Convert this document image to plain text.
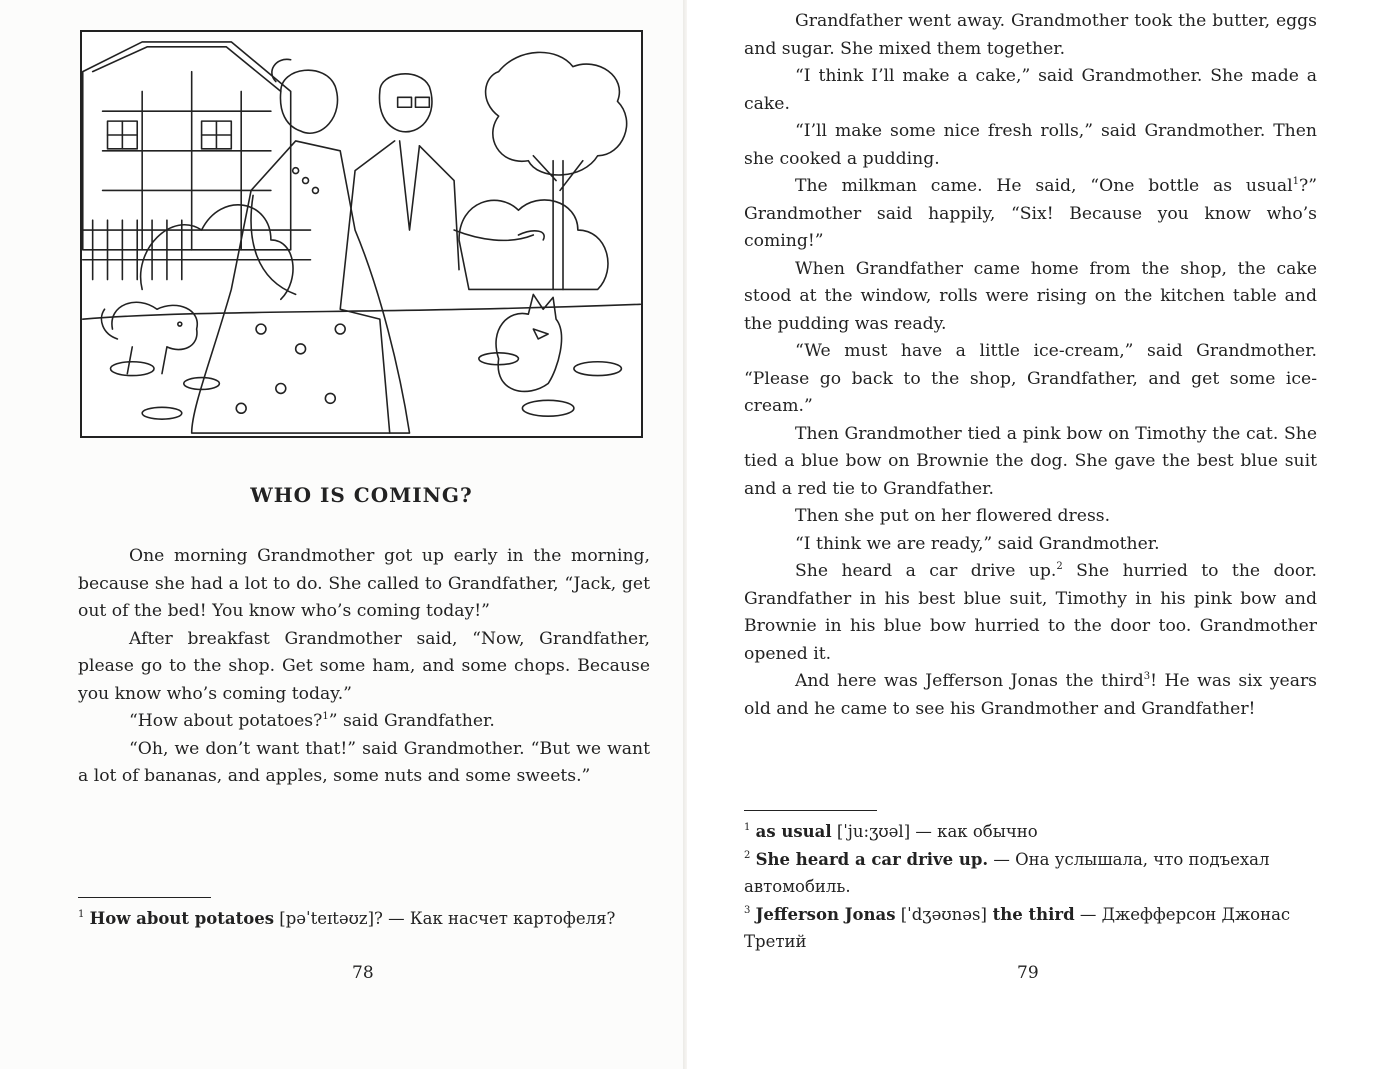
WHO IS COMING?

One morning Grandmother got up early in the morning, because she had a lot to do. She called to Grandfather, “Jack, get out of the bed! You know who’s coming today!”

After breakfast Grandmother said, “Now, Grandfather, please go to the shop. Get some ham, and some chops. Because you know who’s coming today.”

“How about potatoes?$^1$” said Grandfather.

“Oh, we don’t want that!” said Grandmother. “But we want a lot of bananas, and apples, some nuts and some sweets.”

$^1$ How about potatoes [pəˈteɪtəʊz]? — Как насчет картофеля?

78

Grandfather went away. Grandmother took the butter, eggs and sugar. She mixed them together.

“I think I’ll make a cake,” said Grandmother. She made a cake.

“I’ll make some nice fresh rolls,” said Grandmother. Then she cooked a pudding.

The milkman came. He said, “One bottle as usual$^1$?” Grandmother said happily, “Six! Because you know who’s coming!”

When Grandfather came home from the shop, the cake stood at the window, rolls were rising on the kitchen table and the pudding was ready.

“We must have a little ice-cream,” said Grandmother. “Please go back to the shop, Grandfather, and get some ice-cream.”

Then Grandmother tied a pink bow on Timothy the cat. She tied a blue bow on Brownie the dog. She gave the best blue suit and a red tie to Grandfather.

Then she put on her flowered dress.

“I think we are ready,” said Grandmother.

She heard a car drive up.$^2$ She hurried to the door. Grandfather in his best blue suit, Timothy in his pink bow and Brownie in his blue bow hurried to the door too. Grandmother opened it.

And here was Jefferson Jonas the third$^3$! He was six years old and he came to see his Grandmother and Grandfather!

$^1$ as usual [ˈju:ʒʊəl] — как обычно

$^2$ She heard a car drive up. — Она услышала, что подъехал автомобиль.

$^3$ Jefferson Jonas [ˈdʒəʊnəs] the third — Джефферсон Джонас Третий

79
